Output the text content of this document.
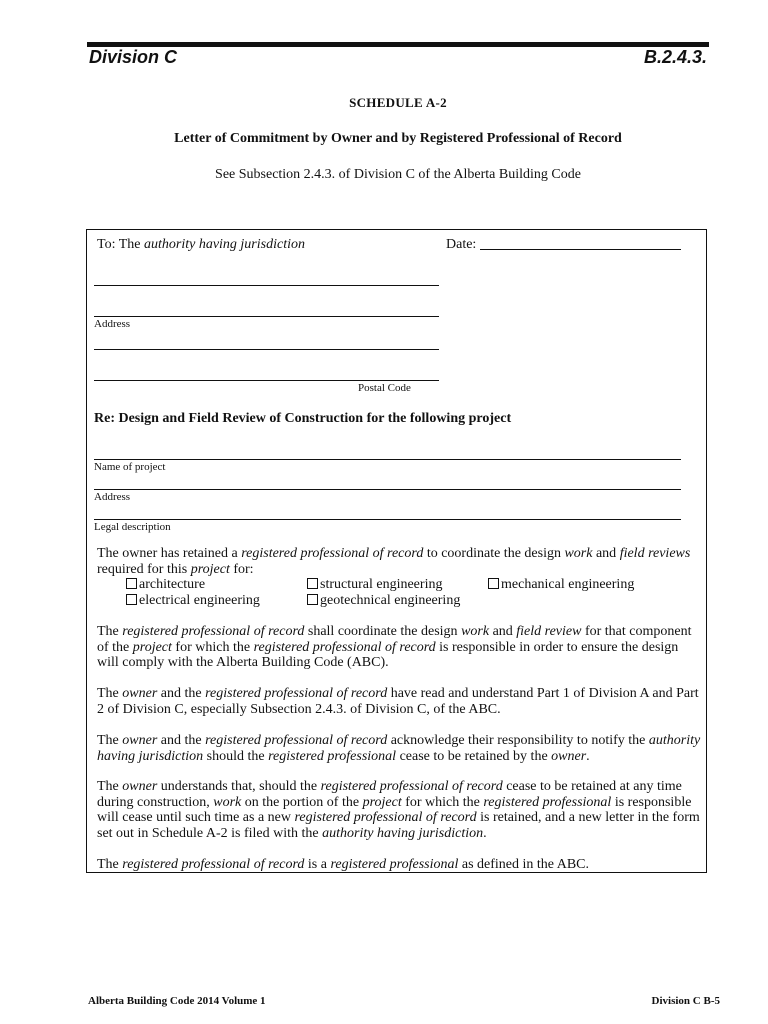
Division C	B.2.4.3.
SCHEDULE A-2
Letter of Commitment by Owner and by Registered Professional of Record
See Subsection 2.4.3. of Division C of the Alberta Building Code
To: The authority having jurisdiction	Date:
Address
Postal Code
Re: Design and Field Review of Construction for the following project
Name of project
Address
Legal description
The owner has retained a registered professional of record to coordinate the design work and field reviews
required for this project for:
architecture	structural engineering	mechanical engineering
electrical engineering	geotechnical engineering
The registered professional of record shall coordinate the design work and field review for that component of the project for which the registered professional of record is responsible in order to ensure the design will comply with the Alberta Building Code (ABC).
The owner and the registered professional of record have read and understand Part 1 of Division A and Part 2 of Division C, especially Subsection 2.4.3. of Division C, of the ABC.
The owner and the registered professional of record acknowledge their responsibility to notify the authority having jurisdiction should the registered professional cease to be retained by the owner.
The owner understands that, should the registered professional of record cease to be retained at any time during construction, work on the portion of the project for which the registered professional is responsible will cease until such time as a new registered professional of record is retained, and a new letter in the form set out in Schedule A-2 is filed with the authority having jurisdiction.
The registered professional of record is a registered professional as defined in the ABC.
Alberta Building Code 2014 Volume 1	Division C B-5
